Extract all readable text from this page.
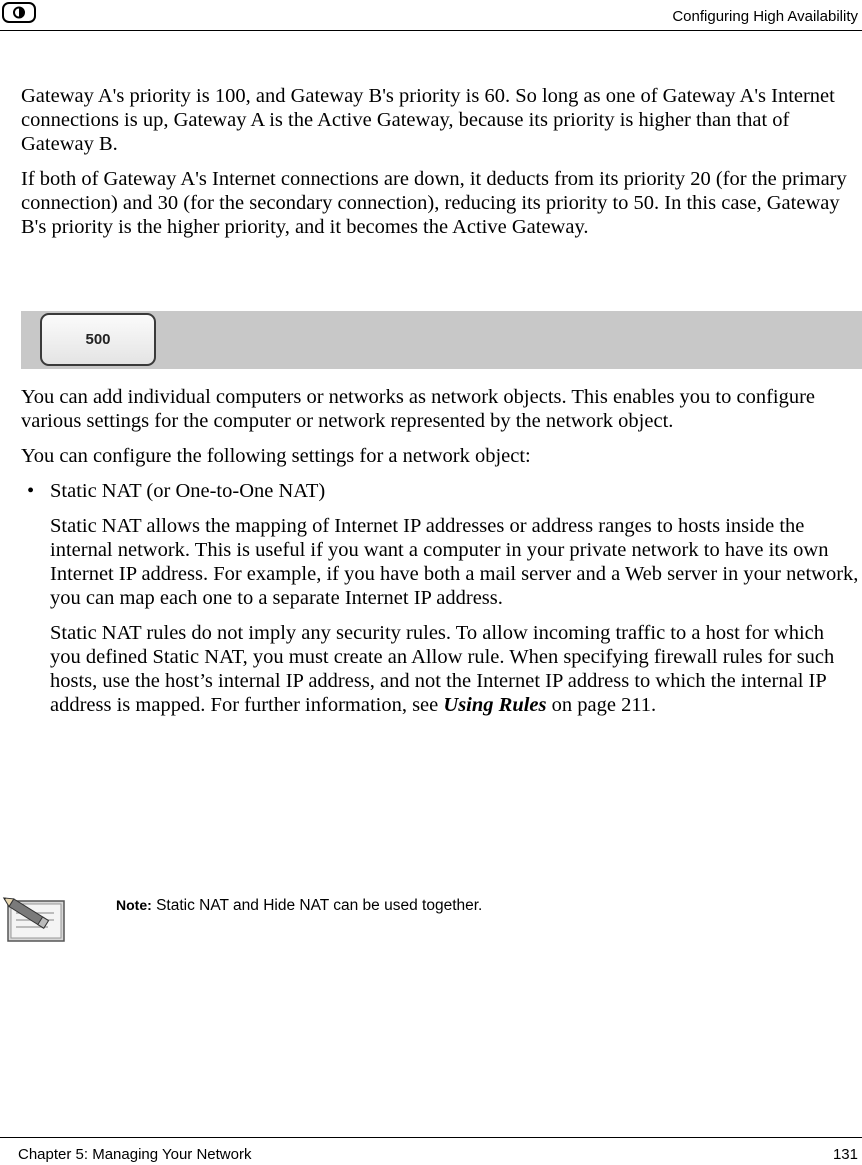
Configuring High Availability

Gateway A's priority is 100, and Gateway B's priority is 60. So long as one of Gateway A's Internet connections is up, Gateway A is the Active Gateway, because its priority is higher than that of Gateway B.

If both of Gateway A's Internet connections are down, it deducts from its priority 20 (for the primary connection) and 30 (for the secondary connection), reducing its priority to 50. In this case, Gateway B's priority is the higher priority, and it becomes the Active Gateway.

500

You can add individual computers or networks as network objects. This enables you to configure various settings for the computer or network represented by the network object.

You can configure the following settings for a network object:

• Static NAT (or One-to-One NAT)

Static NAT allows the mapping of Internet IP addresses or address ranges to hosts inside the internal network. This is useful if you want a computer in your private network to have its own Internet IP address. For example, if you have both a mail server and a Web server in your network, you can map each one to a separate Internet IP address.

Static NAT rules do not imply any security rules. To allow incoming traffic to a host for which you defined Static NAT, you must create an Allow rule. When specifying firewall rules for such hosts, use the host’s internal IP address, and not the Internet IP address to which the internal IP address is mapped. For further information, see Using Rules on page 211.

Note: Static NAT and Hide NAT can be used together.
Chapter 5: Managing Your Network	131
